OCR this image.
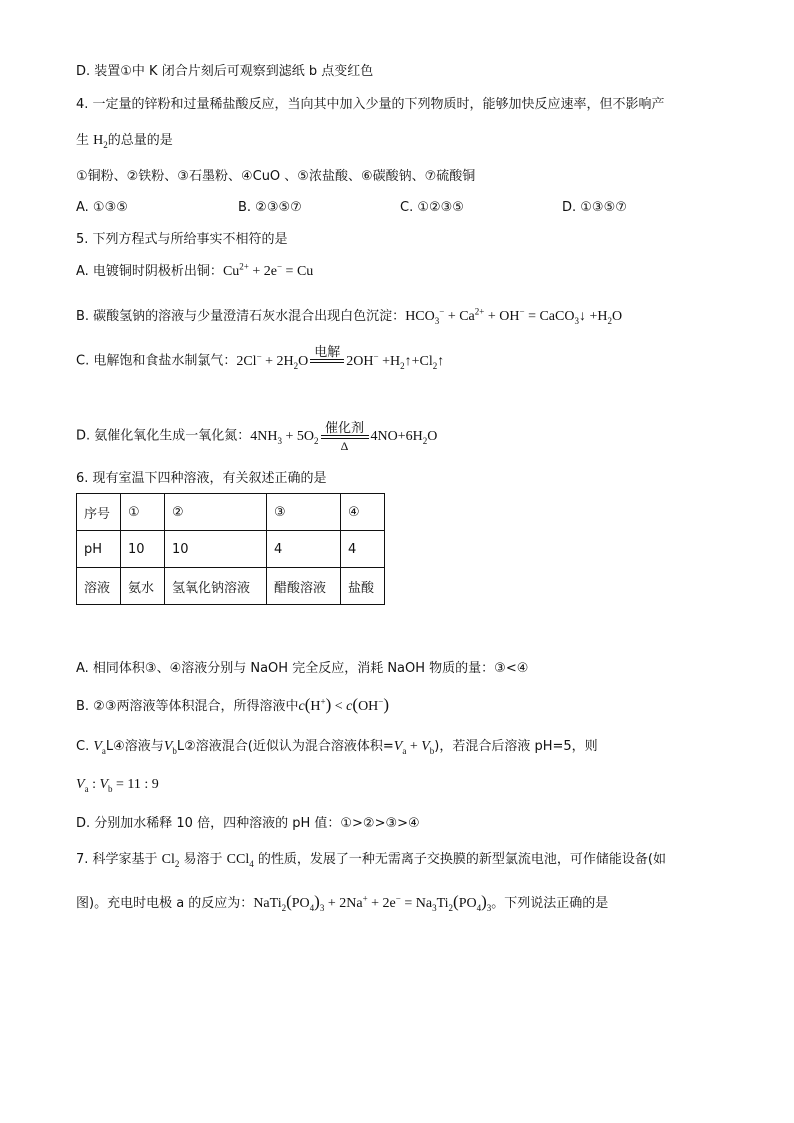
D. 装置①中 K 闭合片刻后可观察到滤纸 b 点变红色
4. 一定量的锌粉和过量稀盐酸反应，当向其中加入少量的下列物质时，能够加快反应速率，但不影响产
生 $H_2$的总量的是
①铜粉、②铁粉、③石墨粉、④CuO 、⑤浓盐酸、⑥碳酸钠、⑦硫酸铜
A. ①③⑤	B. ②③⑤⑦	C. ①②③⑤	D. ①③⑤⑦
5. 下列方程式与所给事实不相符的是
A. 电镀铜时阴极析出铜：$Cu^{2+} + 2e^- = Cu$
B. 碳酸氢钠的溶液与少量澄清石灰水混合出现白色沉淀：$HCO_3^- + Ca^{2+} + OH^-$ = CaCO$_3$↓ $+H_2O$
C. 电解饱和食盐水制氯气：$2Cl^- + 2H_2O$
电解
$2OH^- +H_2↑+Cl_2↑$
D. 氨催化氧化生成一氧化氮：$4NH_3 + 5O_2$
催化剂
Δ
$4NO+6H_2O$
6. 现有室温下四种溶液，有关叙述正确的是
序号	①	②	③	④
pH	10	10	4	4
溶液	氨水	氢氧化钠溶液	醋酸溶液	盐酸
A. 相同体积③、④溶液分别与 NaOH 完全反应，消耗 NaOH 物质的量：③<④
B. ②③两溶液等体积混合，所得溶液中c(H+) < c(OH−)
C. $V_aL④$溶液与$V_bL②$溶液混合(近似认为混合溶液体积$=V_a + V_b$)，若混合后溶液 pH=5，则
$V_a$ : $V_b = 11$ : 9
D. 分别加水稀释 10 倍，四种溶液的 pH 值：①>②>③>④
7. 科学家基于 $Cl_2$ 易溶于 CCl$_4$ 的性质，发展了一种无需离子交换膜的新型氯流电池，可作储能设备(如
图)。充电时电极 a 的反应为：$NaTi_2(PO_4)_3 + 2Na^+ + 2e^- = Na_3Ti_2(PO_4)_3$。下列说法正确的是
